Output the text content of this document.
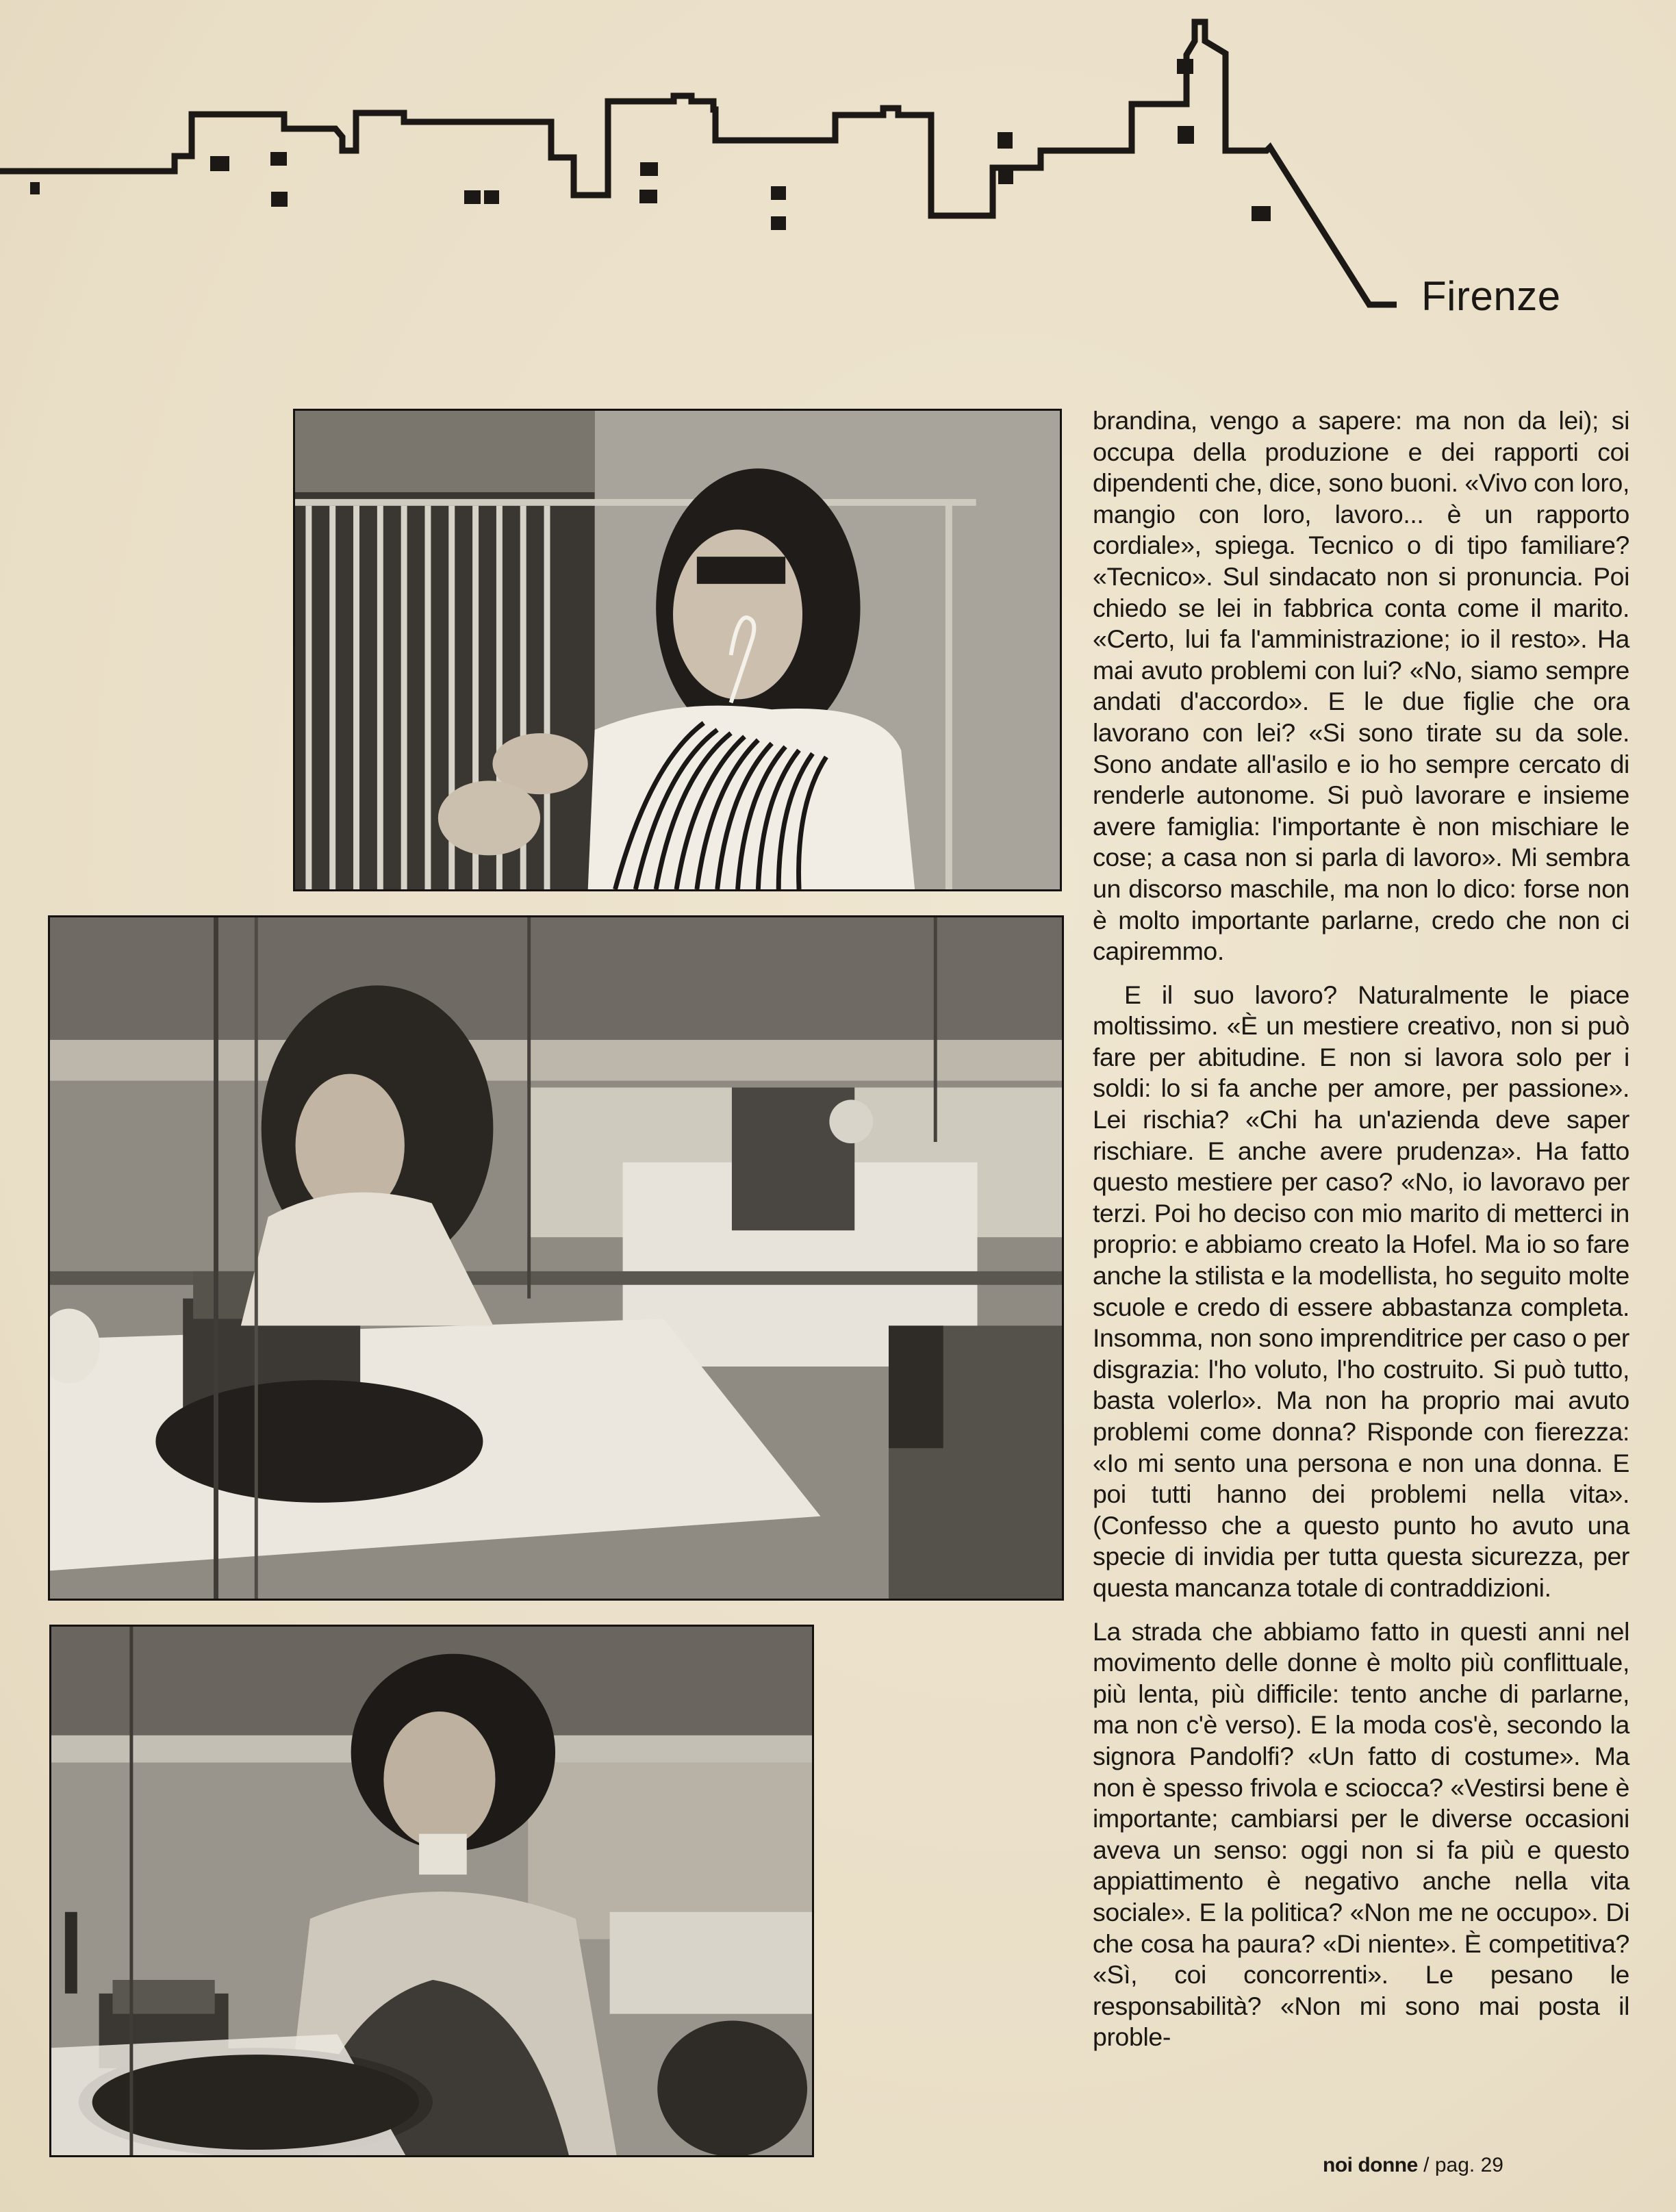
Firenze

brandina, vengo a sapere: ma non da lei); si occupa della produzione e dei rapporti coi dipendenti che, dice, sono buoni. «Vivo con loro, mangio con loro, lavoro... è un rapporto cordiale», spiega. Tecnico o di tipo familiare? «Tecnico». Sul sindacato non si pronuncia. Poi chiedo se lei in fabbrica conta come il marito. «Certo, lui fa l'amministrazione; io il resto». Ha mai avuto problemi con lui? «No, siamo sempre andati d'accordo». E le due figlie che ora lavorano con lei? «Si sono tirate su da sole. Sono andate all'asilo e io ho sempre cercato di renderle autonome. Si può lavorare e insieme avere famiglia: l'importante è non mischiare le cose; a casa non si parla di lavoro». Mi sembra un discorso maschile, ma non lo dico: forse non è molto importante parlarne, credo che non ci capiremmo.

E il suo lavoro? Naturalmente le piace moltissimo. «È un mestiere creativo, non si può fare per abitudine. E non si lavora solo per i soldi: lo si fa anche per amore, per passione». Lei rischia? «Chi ha un'azienda deve saper rischiare. E anche avere prudenza». Ha fatto questo mestiere per caso? «No, io lavoravo per terzi. Poi ho deciso con mio marito di metterci in proprio: e abbiamo creato la Hofel. Ma io so fare anche la stilista e la modellista, ho seguito molte scuole e credo di essere abbastanza completa. Insomma, non sono imprenditrice per caso o per disgrazia: l'ho voluto, l'ho costruito. Si può tutto, basta volerlo». Ma non ha proprio mai avuto problemi come donna? Risponde con fierezza: «Io mi sento una persona e non una donna. E poi tutti hanno dei problemi nella vita». (Confesso che a questo punto ho avuto una specie di invidia per tutta questa sicurezza, per questa mancanza totale di contraddizioni.

La strada che abbiamo fatto in questi anni nel movimento delle donne è molto più conflittuale, più lenta, più difficile: tento anche di parlarne, ma non c'è verso). E la moda cos'è, secondo la signora Pandolfi? «Un fatto di costume». Ma non è spesso frivola e sciocca? «Vestirsi bene è importante; cambiarsi per le diverse occasioni aveva un senso: oggi non si fa più e questo appiattimento è negativo anche nella vita sociale». E la politica? «Non me ne occupo». Di che cosa ha paura? «Di niente». È competitiva? «Sì, coi concorrenti». Le pesano le responsabilità? «Non mi sono mai posta il proble-

noi donne / pag. 29
